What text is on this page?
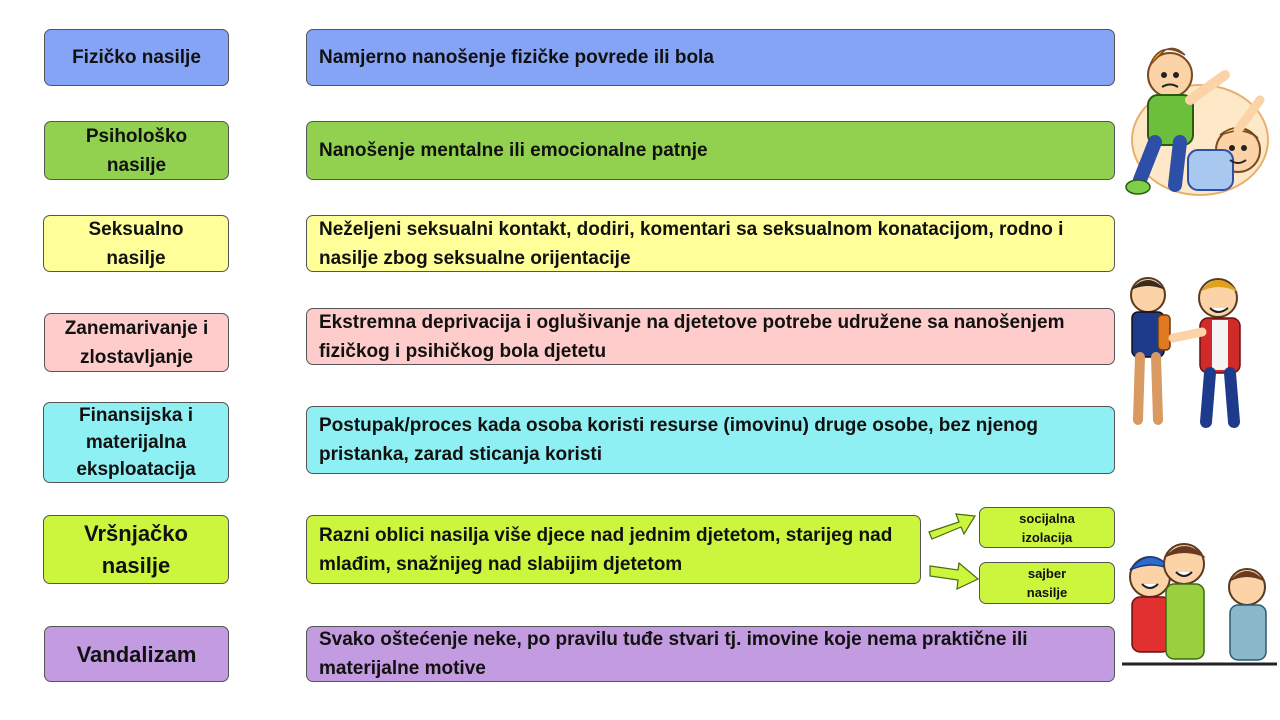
Fizičko nasilje	Namjerno nanošenje fizičke povrede ili bola
Psihološko nasilje
Nanošenje mentalne ili emocionalne patnje
Seksualno nasilje
Neželjeni seksualni kontakt, dodiri, komentari sa seksualnom konatacijom, rodno i nasilje zbog seksualne orijentacije
Zanemarivanje i zlostavljanje
Ekstremna deprivacija i oglušivanje na djetetove potrebe udružene sa nanošenjem fizičkog i psihičkog bola djetetu
Finansijska i materijalna eksploatacija
Postupak/proces kada osoba koristi resurse (imovinu) druge osobe, bez njenog pristanka, zarad sticanja koristi
Vršnjačko nasilje
Razni oblici nasilja više djece nad jednim djetetom, starijeg nad mlađim, snažnijeg nad slabijim djetetom
socijalna izolacija
sajber nasilje
Vandalizam
Svako oštećenje neke, po pravilu tuđe stvari tj. imovine koje nema praktične ili materijalne motive
